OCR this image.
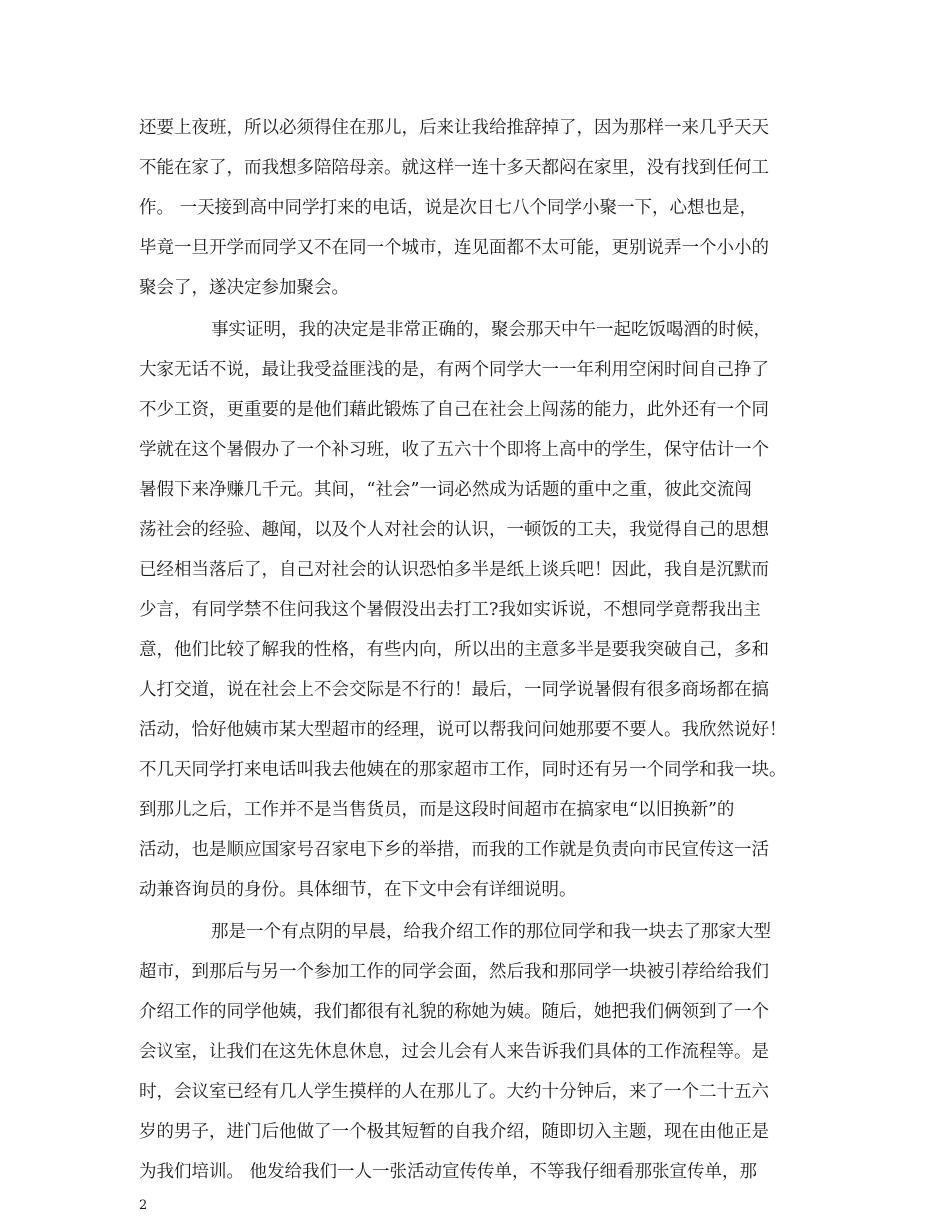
还要上夜班，所以必须得住在那儿，后来让我给推辞掉了，因为那样一来几乎天天
不能在家了，而我想多陪陪母亲。就这样一连十多天都闷在家里，没有找到任何工
作。 一天接到高中同学打来的电话，说是次日七八个同学小聚一下，心想也是，
毕竟一旦开学而同学又不在同一个城市，连见面都不太可能，更别说弄一个小小的
聚会了，遂决定参加聚会。
事实证明，我的决定是非常正确的，聚会那天中午一起吃饭喝酒的时候，
大家无话不说，最让我受益匪浅的是，有两个同学大一一年利用空闲时间自己挣了
不少工资，更重要的是他们藉此锻炼了自己在社会上闯荡的能力，此外还有一个同
学就在这个暑假办了一个补习班，收了五六十个即将上高中的学生，保守估计一个
暑假下来净赚几千元。其间，“社会”一词必然成为话题的重中之重，彼此交流闯
荡社会的经验、趣闻，以及个人对社会的认识，一顿饭的工夫，我觉得自己的思想
已经相当落后了，自己对社会的认识恐怕多半是纸上谈兵吧！因此，我自是沉默而
少言，有同学禁不住问我这个暑假没出去打工?我如实诉说，不想同学竟帮我出主
意，他们比较了解我的性格，有些内向，所以出的主意多半是要我突破自己，多和
人打交道，说在社会上不会交际是不行的！最后，一同学说暑假有很多商场都在搞
活动，恰好他姨市某大型超市的经理，说可以帮我问问她那要不要人。我欣然说好！
不几天同学打来电话叫我去他姨在的那家超市工作，同时还有另一个同学和我一块。
到那儿之后，工作并不是当售货员，而是这段时间超市在搞家电“以旧换新”的
活动，也是顺应国家号召家电下乡的举措，而我的工作就是负责向市民宣传这一活
动兼咨询员的身份。具体细节，在下文中会有详细说明。
那是一个有点阴的早晨，给我介绍工作的那位同学和我一块去了那家大型
超市，到那后与另一个参加工作的同学会面，然后我和那同学一块被引荐给给我们
介绍工作的同学他姨，我们都很有礼貌的称她为姨。随后，她把我们俩领到了一个
会议室，让我们在这先休息休息，过会儿会有人来告诉我们具体的工作流程等。是
时，会议室已经有几人学生摸样的人在那儿了。大约十分钟后，来了一个二十五六
岁的男子，进门后他做了一个极其短暂的自我介绍，随即切入主题，现在由他正是
为我们培训。 他发给我们一人一张活动宣传传单，不等我仔细看那张宣传单，那
2
